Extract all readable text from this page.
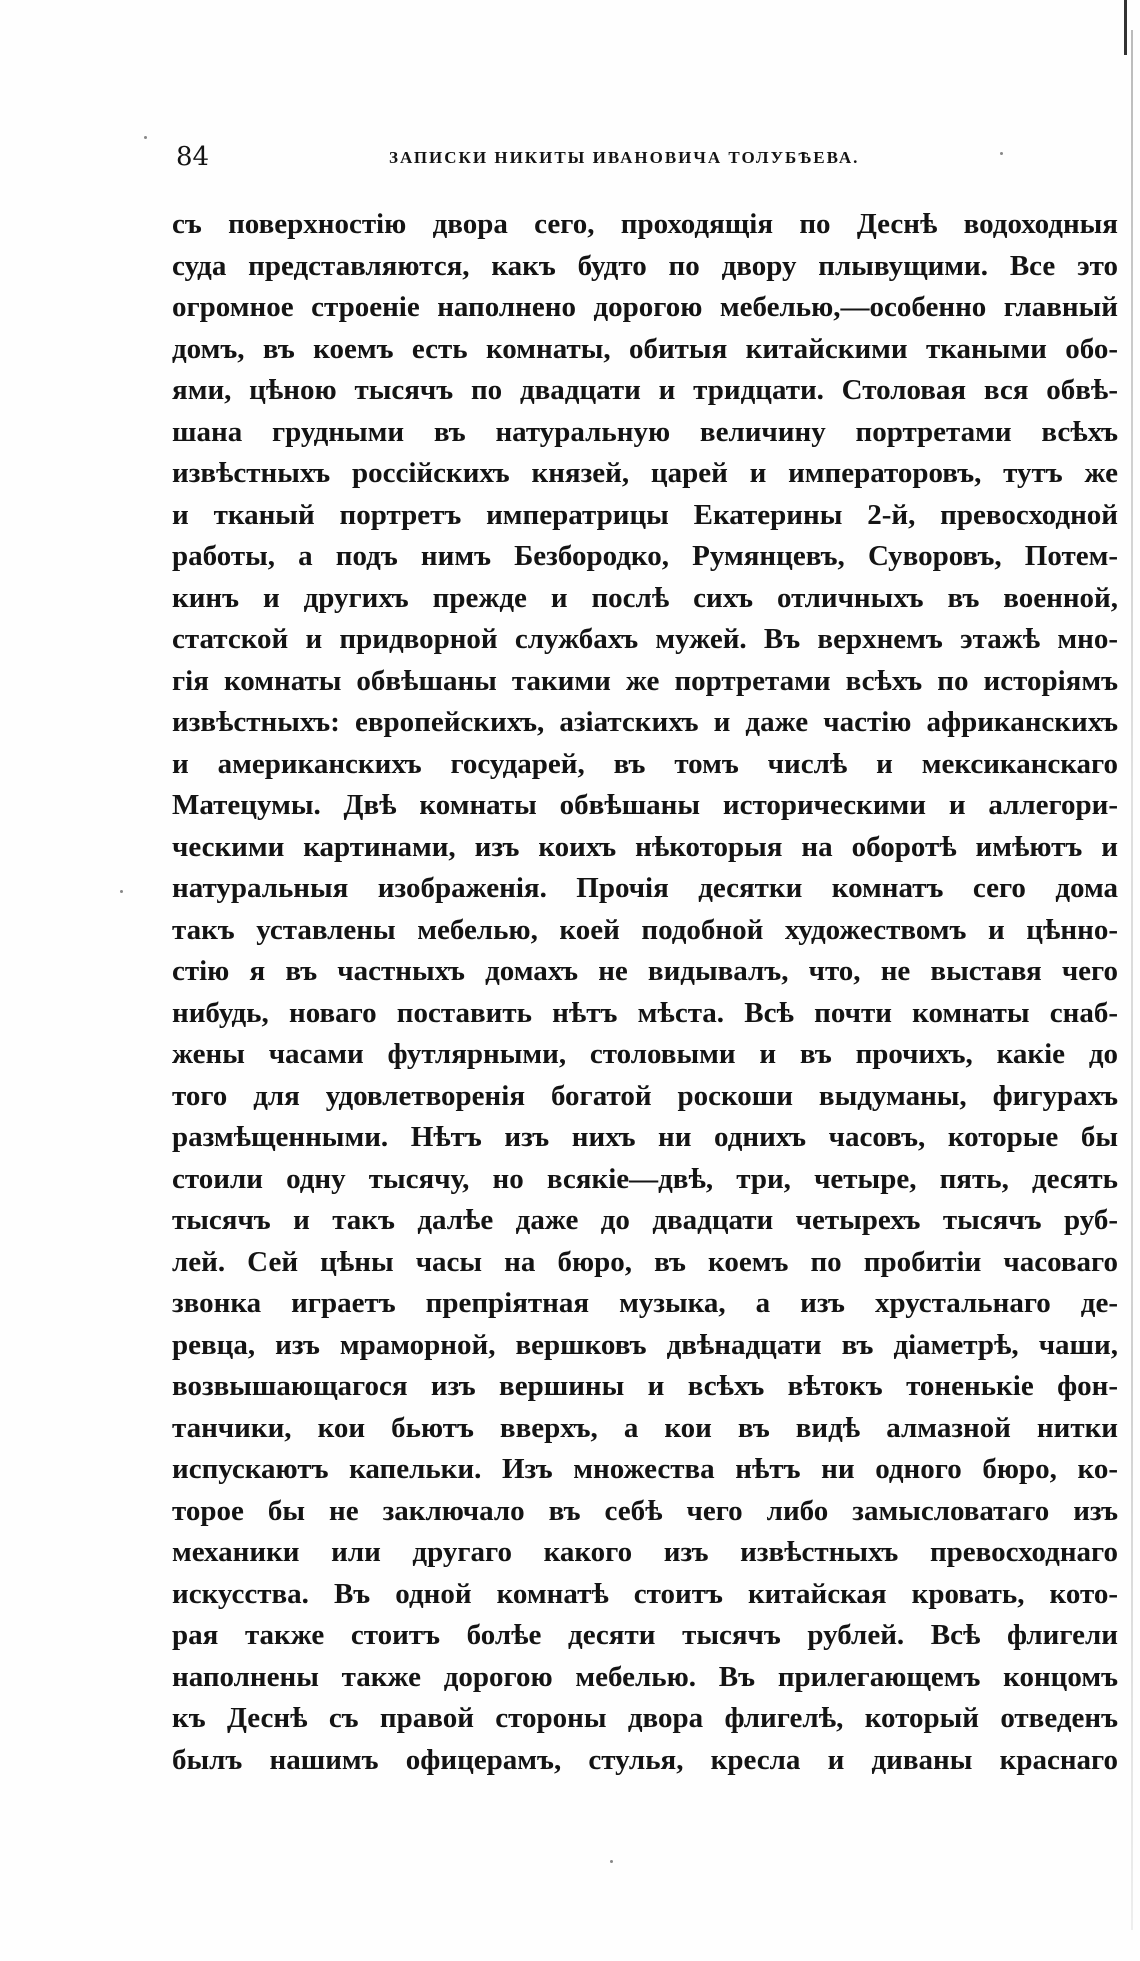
84	ЗАПИСКИ НИКИТЫ ИВАНОВИЧА ТОЛУБѢЕВА.
съ поверхностію двора сего, проходящія по Деснѣ водоходныя
суда представляются, какъ будто по двору плывущими. Все это
огромное строеніе наполнено дорогою мебелью,—особенно главный
домъ, въ коемъ есть комнаты, обитыя китайскими ткаными обо-
ями, цѣною тысячъ по двадцати и тридцати. Столовая вся обвѣ-
шана грудными въ натуральную величину портретами всѣхъ
извѣстныхъ россійскихъ князей, царей и императоровъ, тутъ же
и тканый портретъ императрицы Екатерины 2-й, превосходной
работы, а подъ нимъ Безбородко, Румянцевъ, Суворовъ, Потем-
кинъ и другихъ прежде и послѣ сихъ отличныхъ въ военной,
статской и придворной службахъ мужей. Въ верхнемъ этажѣ мно-
гія комнаты обвѣшаны такими же портретами всѣхъ по исторіямъ
извѣстныхъ: европейскихъ, азіатскихъ и даже частію африканскихъ
и американскихъ государей, въ томъ числѣ и мексиканскаго
Матецумы. Двѣ комнаты обвѣшаны историческими и аллегори-
ческими картинами, изъ коихъ нѣкоторыя на оборотѣ имѣютъ и
натуральныя изображенія. Прочія десятки комнатъ сего дома
такъ уставлены мебелью, коей подобной художествомъ и цѣнно-
стію я въ частныхъ домахъ не видывалъ, что, не выставя чего
нибудь, новаго поставить нѣтъ мѣста. Всѣ почти комнаты снаб-
жены часами футлярными, столовыми и въ прочихъ, какіе до
того для удовлетворенія богатой роскоши выдуманы, фигурахъ
размѣщенными. Нѣтъ изъ нихъ ни однихъ часовъ, которые бы
стоили одну тысячу, но всякіе—двѣ, три, четыре, пять, десять
тысячъ и такъ далѣе даже до двадцати четырехъ тысячъ руб-
лей. Сей цѣны часы на бюро, въ коемъ по пробитіи часоваго
звонка играетъ препріятная музыка, а изъ хрустальнаго де-
ревца, изъ мраморной, вершковъ двѣнадцати въ діаметрѣ, чаши,
возвышающагося изъ вершины и всѣхъ вѣтокъ тоненькіе фон-
танчики, кои бьютъ вверхъ, а кои въ видѣ алмазной нитки
испускаютъ капельки. Изъ множества нѣтъ ни одного бюро, ко-
торое бы не заключало въ себѣ чего либо замысловатаго изъ
механики или другаго какого изъ извѣстныхъ превосходнаго
искусства. Въ одной комнатѣ стоитъ китайская кровать, кото-
рая также стоитъ болѣе десяти тысячъ рублей. Всѣ флигели
наполнены также дорогою мебелью. Въ прилегающемъ концомъ
къ Деснѣ съ правой стороны двора флигелѣ, который отведенъ
былъ нашимъ офицерамъ, стулья, кресла и диваны краснаго
